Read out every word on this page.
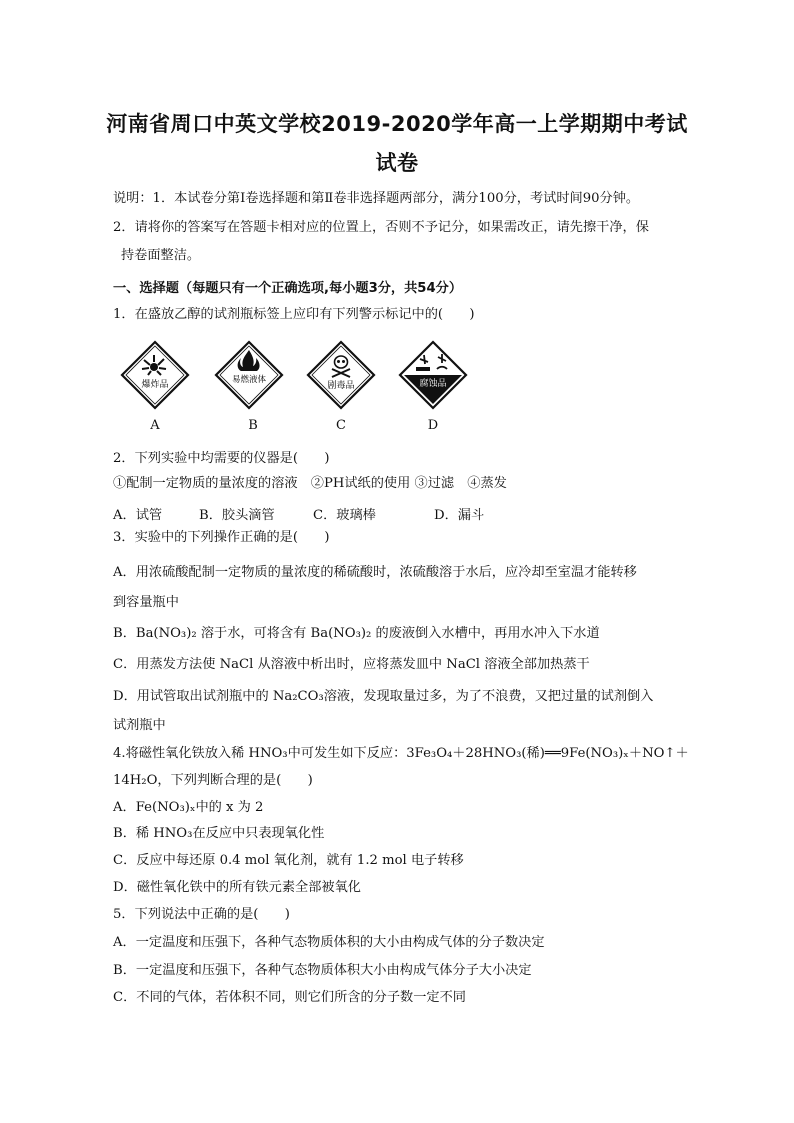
河南省周口中英文学校2019-2020学年高一上学期期中考试
试卷
说明：1．本试卷分第Ⅰ卷选择题和第Ⅱ卷非选择题两部分，满分100分，考试时间90分钟。
2．请将你的答案写在答题卡相对应的位置上，否则不予记分，如果需改正，请先擦干净，保
持卷面整洁。
一、选择题（每题只有一个正确选项,每小题3分，共54分）
1．在盛放乙醇的试剂瓶标签上应印有下列警示标记中的(　　)
爆炸品	易燃液体
剧毒品	腐蚀品
A	B	C	D
2．下列实验中均需要的仪器是(　　)
①配制一定物质的量浓度的溶液　②PH试纸的使用 ③过滤　④蒸发
A．试管	B．胶头滴管	C．玻璃棒	D．漏斗
3．实验中的下列操作正确的是(　　)
A．用浓硫酸配制一定物质的量浓度的稀硫酸时，浓硫酸溶于水后，应冷却至室温才能转移
到容量瓶中
B．Ba(NO₃)₂ 溶于水，可将含有 Ba(NO₃)₂ 的废液倒入水槽中，再用水冲入下水道
C．用蒸发方法使 NaCl 从溶液中析出时，应将蒸发皿中 NaCl 溶液全部加热蒸干
D．用试管取出试剂瓶中的 Na₂CO₃溶液，发现取量过多，为了不浪费，又把过量的试剂倒入
试剂瓶中
4.将磁性氧化铁放入稀 HNO₃中可发生如下反应：3Fe₃O₄＋28HNO₃(稀)══9Fe(NO₃)ₓ＋NO↑＋
14H₂O，下列判断合理的是(　　)
A．Fe(NO₃)ₓ中的 x 为 2
B．稀 HNO₃在反应中只表现氧化性
C．反应中每还原 0.4 mol 氧化剂，就有 1.2 mol 电子转移
D．磁性氧化铁中的所有铁元素全部被氧化
5．下列说法中正确的是(　　)
A．一定温度和压强下，各种气态物质体积的大小由构成气体的分子数决定
B．一定温度和压强下，各种气态物质体积大小由构成气体分子大小决定
C．不同的气体，若体积不同，则它们所含的分子数一定不同
